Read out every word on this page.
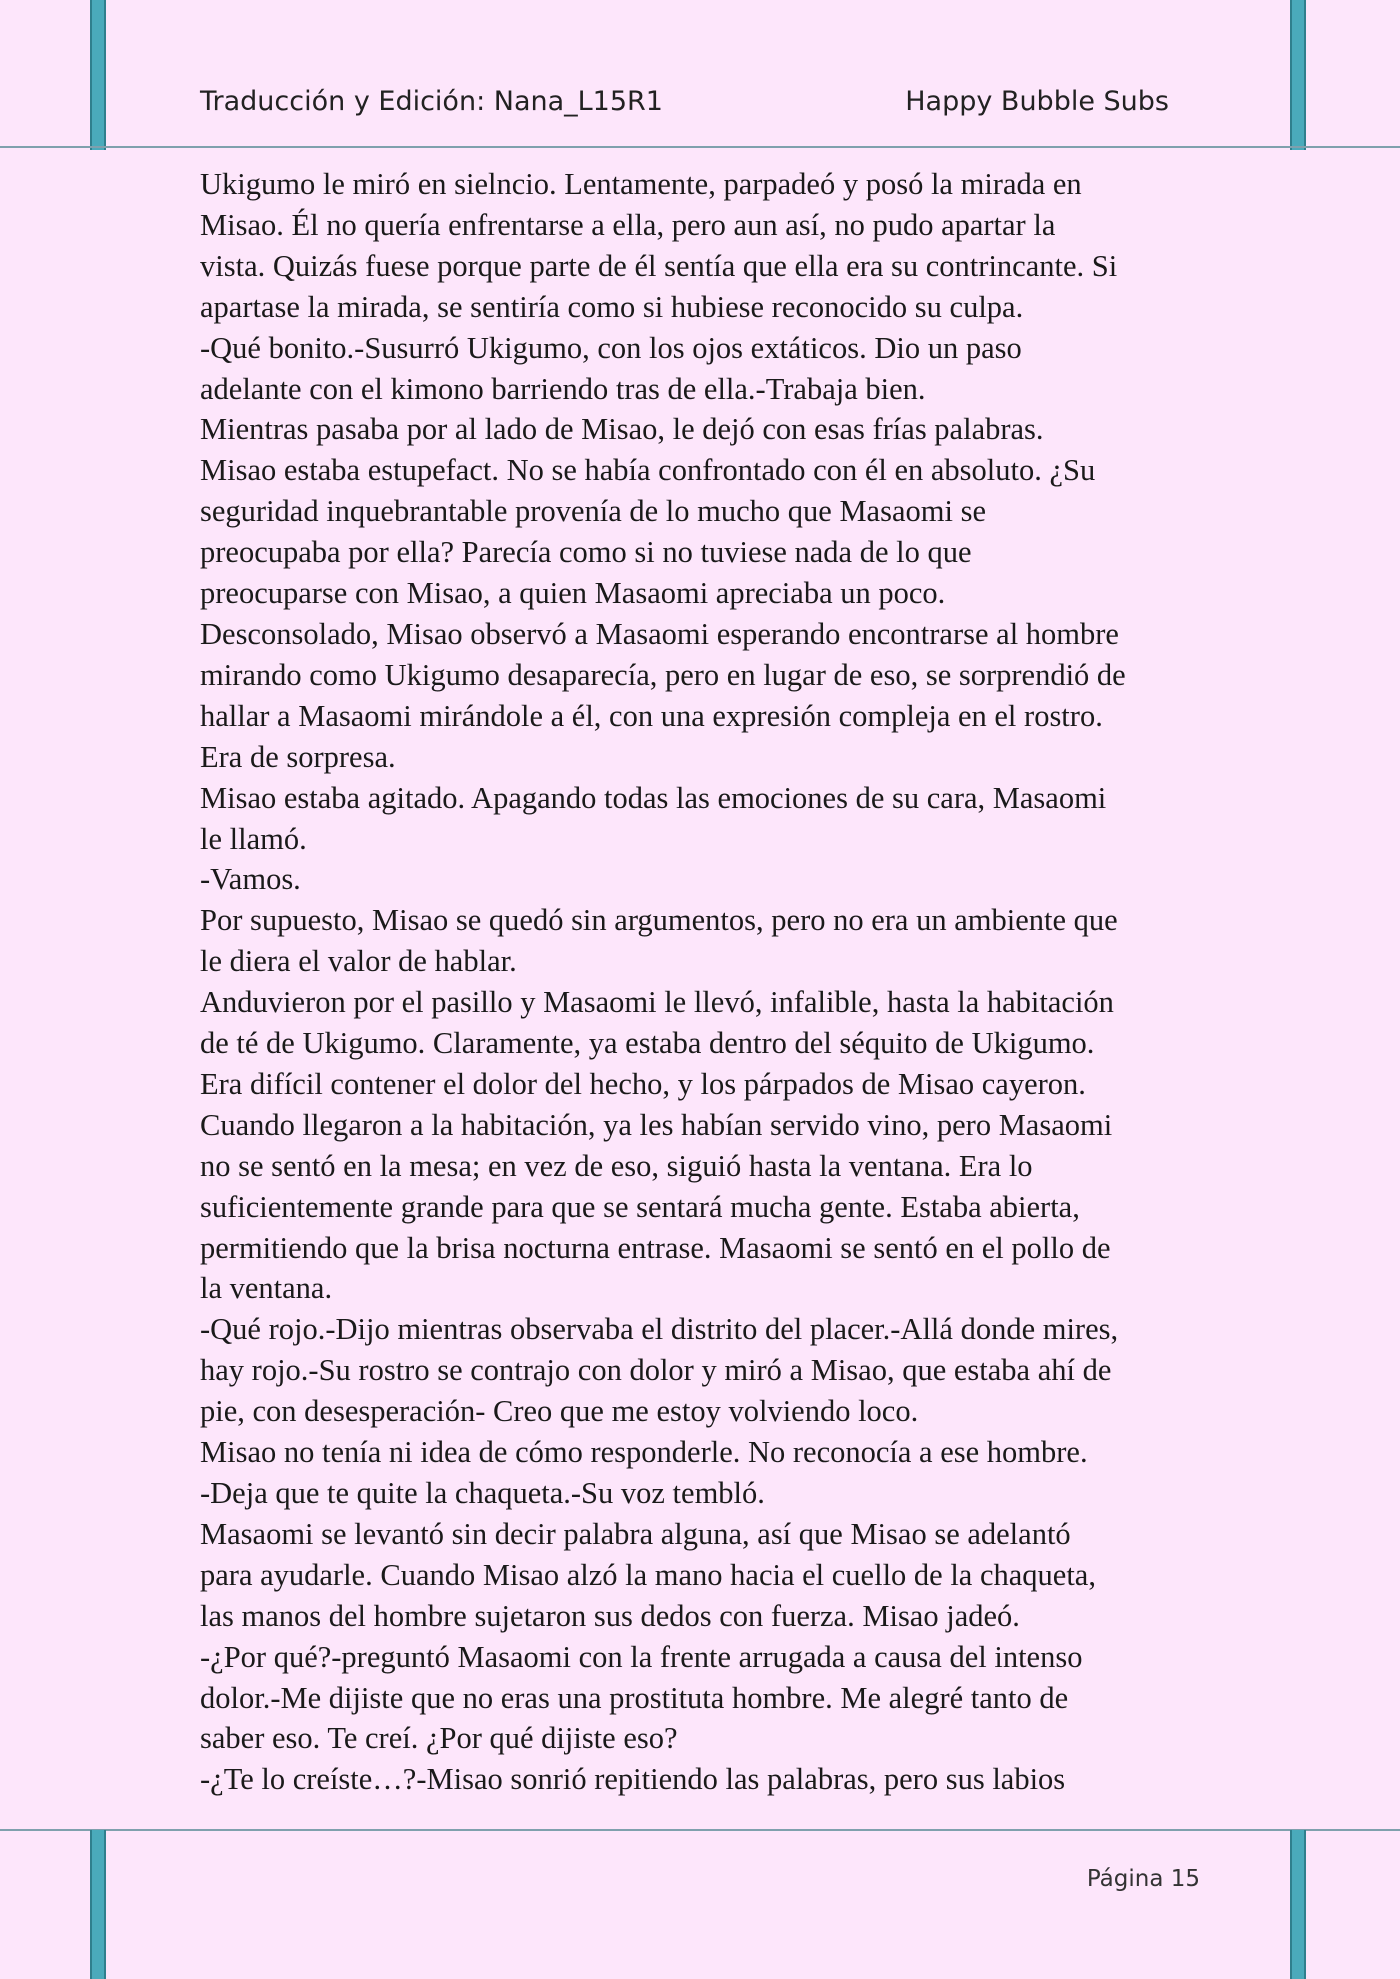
Traducción y Edición: Nana_L15R1	Happy Bubble Subs

Ukigumo le miró en sielncio. Lentamente, parpadeó y posó la mirada en

Misao. Él no quería enfrentarse a ella, pero aun así, no pudo apartar la

vista. Quizás fuese porque parte de él sentía que ella era su contrincante. Si

apartase la mirada, se sentiría como si hubiese reconocido su culpa.

-Qué bonito.-Susurró Ukigumo, con los ojos extáticos. Dio un paso

adelante con el kimono barriendo tras de ella.-Trabaja bien.

Mientras pasaba por al lado de Misao, le dejó con esas frías palabras.

Misao estaba estupefact. No se había confrontado con él en absoluto. ¿Su

seguridad inquebrantable provenía de lo mucho que Masaomi se

preocupaba por ella? Parecía como si no tuviese nada de lo que

preocuparse con Misao, a quien Masaomi apreciaba un poco.

Desconsolado, Misao observó a Masaomi esperando encontrarse al hombre

mirando como Ukigumo desaparecía, pero en lugar de eso, se sorprendió de

hallar a Masaomi mirándole a él, con una expresión compleja en el rostro.

Era de sorpresa.

Misao estaba agitado. Apagando todas las emociones de su cara, Masaomi

le llamó.

-Vamos.

Por supuesto, Misao se quedó sin argumentos, pero no era un ambiente que

le diera el valor de hablar.

Anduvieron por el pasillo y Masaomi le llevó, infalible, hasta la habitación

de té de Ukigumo. Claramente, ya estaba dentro del séquito de Ukigumo.

Era difícil contener el dolor del hecho, y los párpados de Misao cayeron.

Cuando llegaron a la habitación, ya les habían servido vino, pero Masaomi

no se sentó en la mesa; en vez de eso, siguió hasta la ventana. Era lo

suficientemente grande para que se sentará mucha gente. Estaba abierta,

permitiendo que la brisa nocturna entrase. Masaomi se sentó en el pollo de

la ventana.

-Qué rojo.-Dijo mientras observaba el distrito del placer.-Allá donde mires,

hay rojo.-Su rostro se contrajo con dolor y miró a Misao, que estaba ahí de

pie, con desesperación- Creo que me estoy volviendo loco.

Misao no tenía ni idea de cómo responderle. No reconocía a ese hombre.

-Deja que te quite la chaqueta.-Su voz tembló.

Masaomi se levantó sin decir palabra alguna, así que Misao se adelantó

para ayudarle. Cuando Misao alzó la mano hacia el cuello de la chaqueta,

las manos del hombre sujetaron sus dedos con fuerza. Misao jadeó.

-¿Por qué?-preguntó Masaomi con la frente arrugada a causa del intenso

dolor.-Me dijiste que no eras una prostituta hombre. Me alegré tanto de

saber eso. Te creí. ¿Por qué dijiste eso?

-¿Te lo creíste…?-Misao sonrió repitiendo las palabras, pero sus labios

Página 15
